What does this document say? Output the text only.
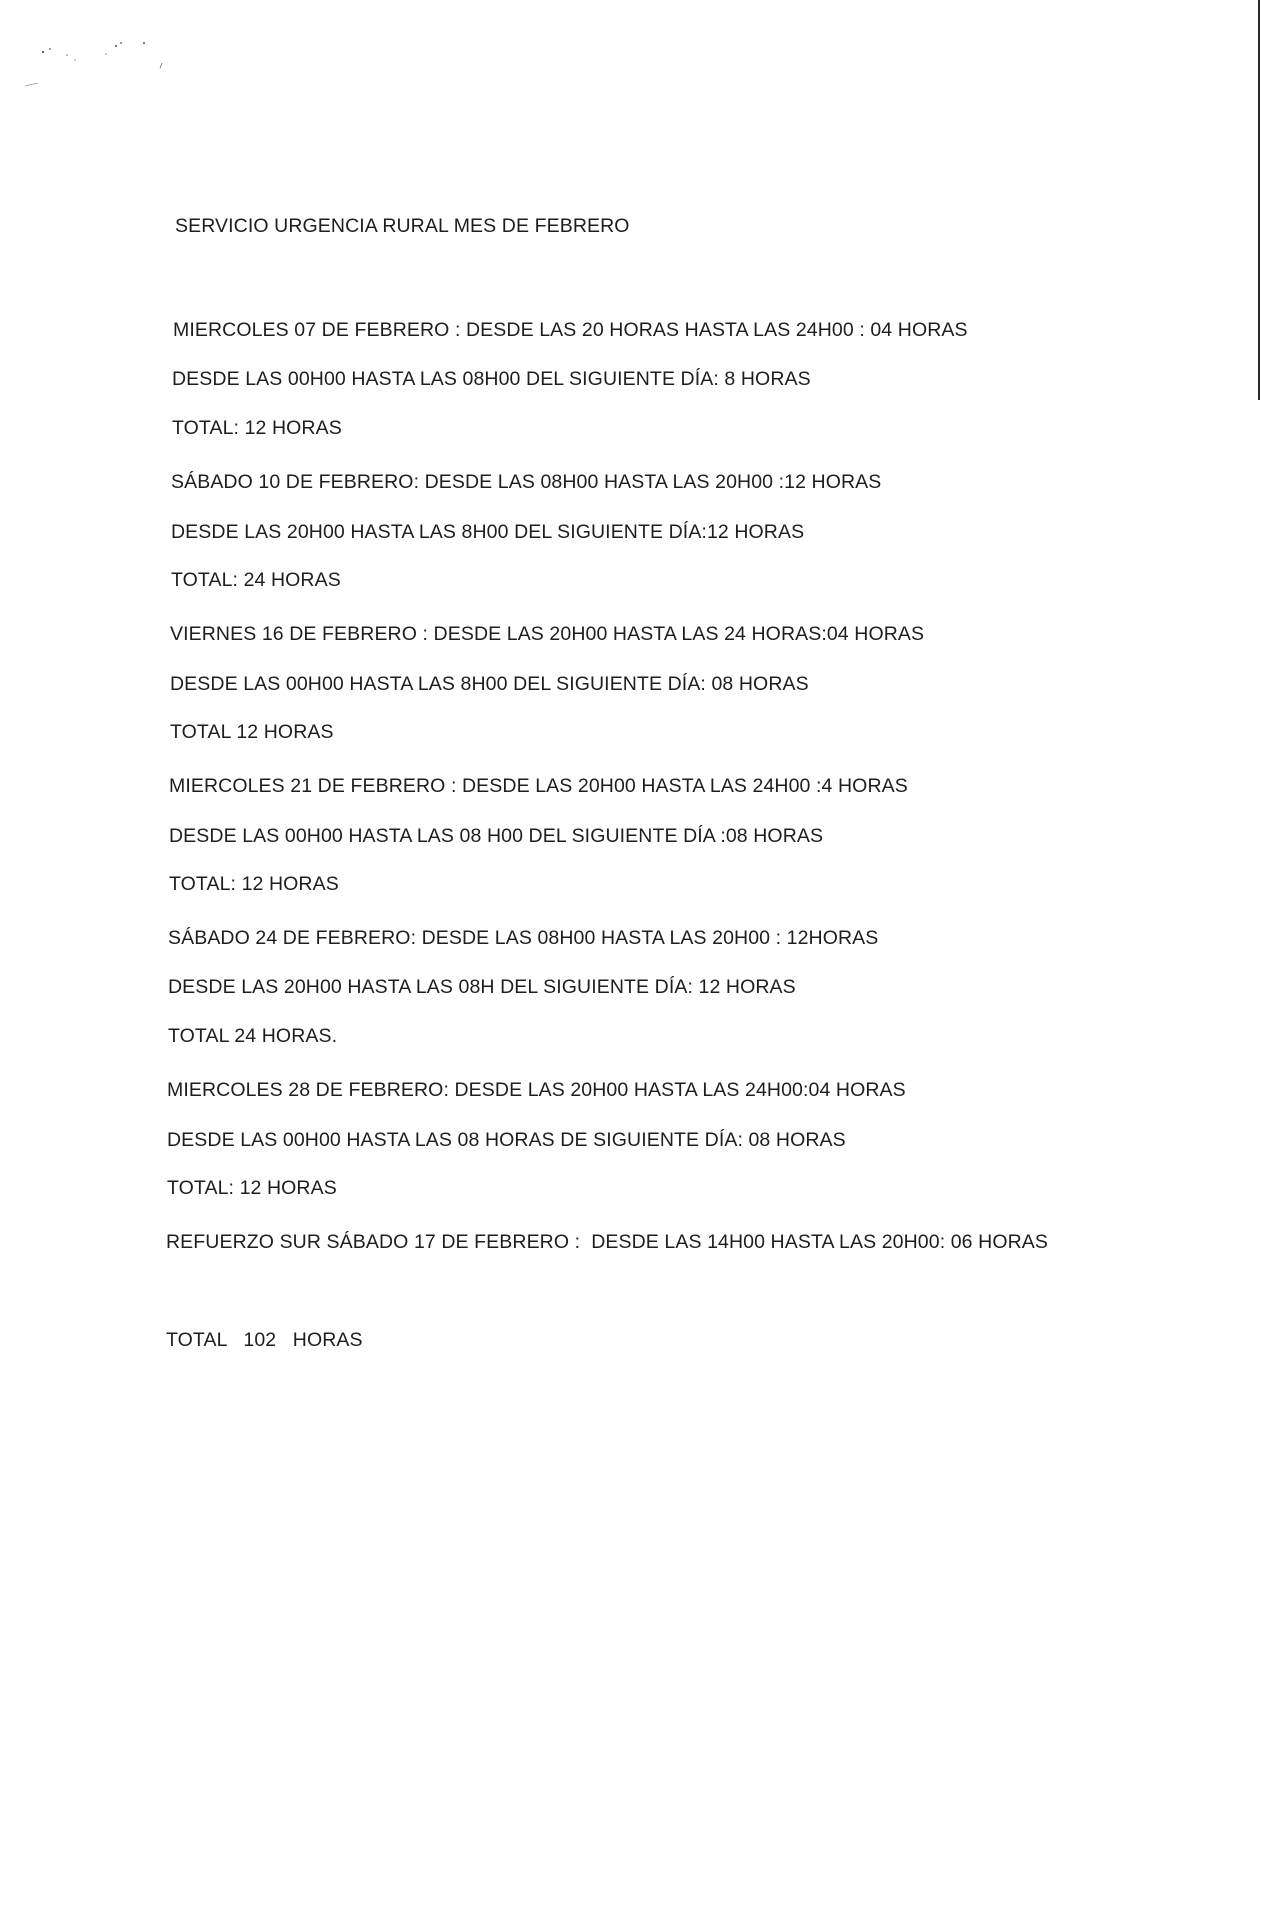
SERVICIO URGENCIA RURAL MES DE FEBRERO
MIERCOLES 07 DE FEBRERO : DESDE LAS 20 HORAS HASTA LAS 24H00 : 04 HORAS
DESDE LAS 00H00 HASTA LAS 08H00 DEL SIGUIENTE DÍA: 8 HORAS
TOTAL: 12 HORAS
SÁBADO 10 DE FEBRERO: DESDE LAS 08H00 HASTA LAS 20H00 :12 HORAS
DESDE LAS 20H00 HASTA LAS 8H00 DEL SIGUIENTE DÍA:12 HORAS
TOTAL: 24 HORAS
VIERNES 16 DE FEBRERO : DESDE LAS 20H00 HASTA LAS 24 HORAS:04 HORAS
DESDE LAS 00H00 HASTA LAS 8H00 DEL SIGUIENTE DÍA: 08 HORAS
TOTAL 12 HORAS
MIERCOLES 21 DE FEBRERO : DESDE LAS 20H00 HASTA LAS 24H00 :4 HORAS
DESDE LAS 00H00 HASTA LAS 08 H00 DEL SIGUIENTE DÍA :08 HORAS
TOTAL: 12 HORAS
SÁBADO 24 DE FEBRERO: DESDE LAS 08H00 HASTA LAS 20H00 : 12HORAS
DESDE LAS 20H00 HASTA LAS 08H DEL SIGUIENTE DÍA: 12 HORAS
TOTAL 24 HORAS.
MIERCOLES 28 DE FEBRERO: DESDE LAS 20H00 HASTA LAS 24H00:04 HORAS
DESDE LAS 00H00 HASTA LAS 08 HORAS DE SIGUIENTE DÍA: 08 HORAS
TOTAL: 12 HORAS
REFUERZO SUR SÁBADO 17 DE FEBRERO :  DESDE LAS 14H00 HASTA LAS 20H00: 06 HORAS
TOTAL   102   HORAS
